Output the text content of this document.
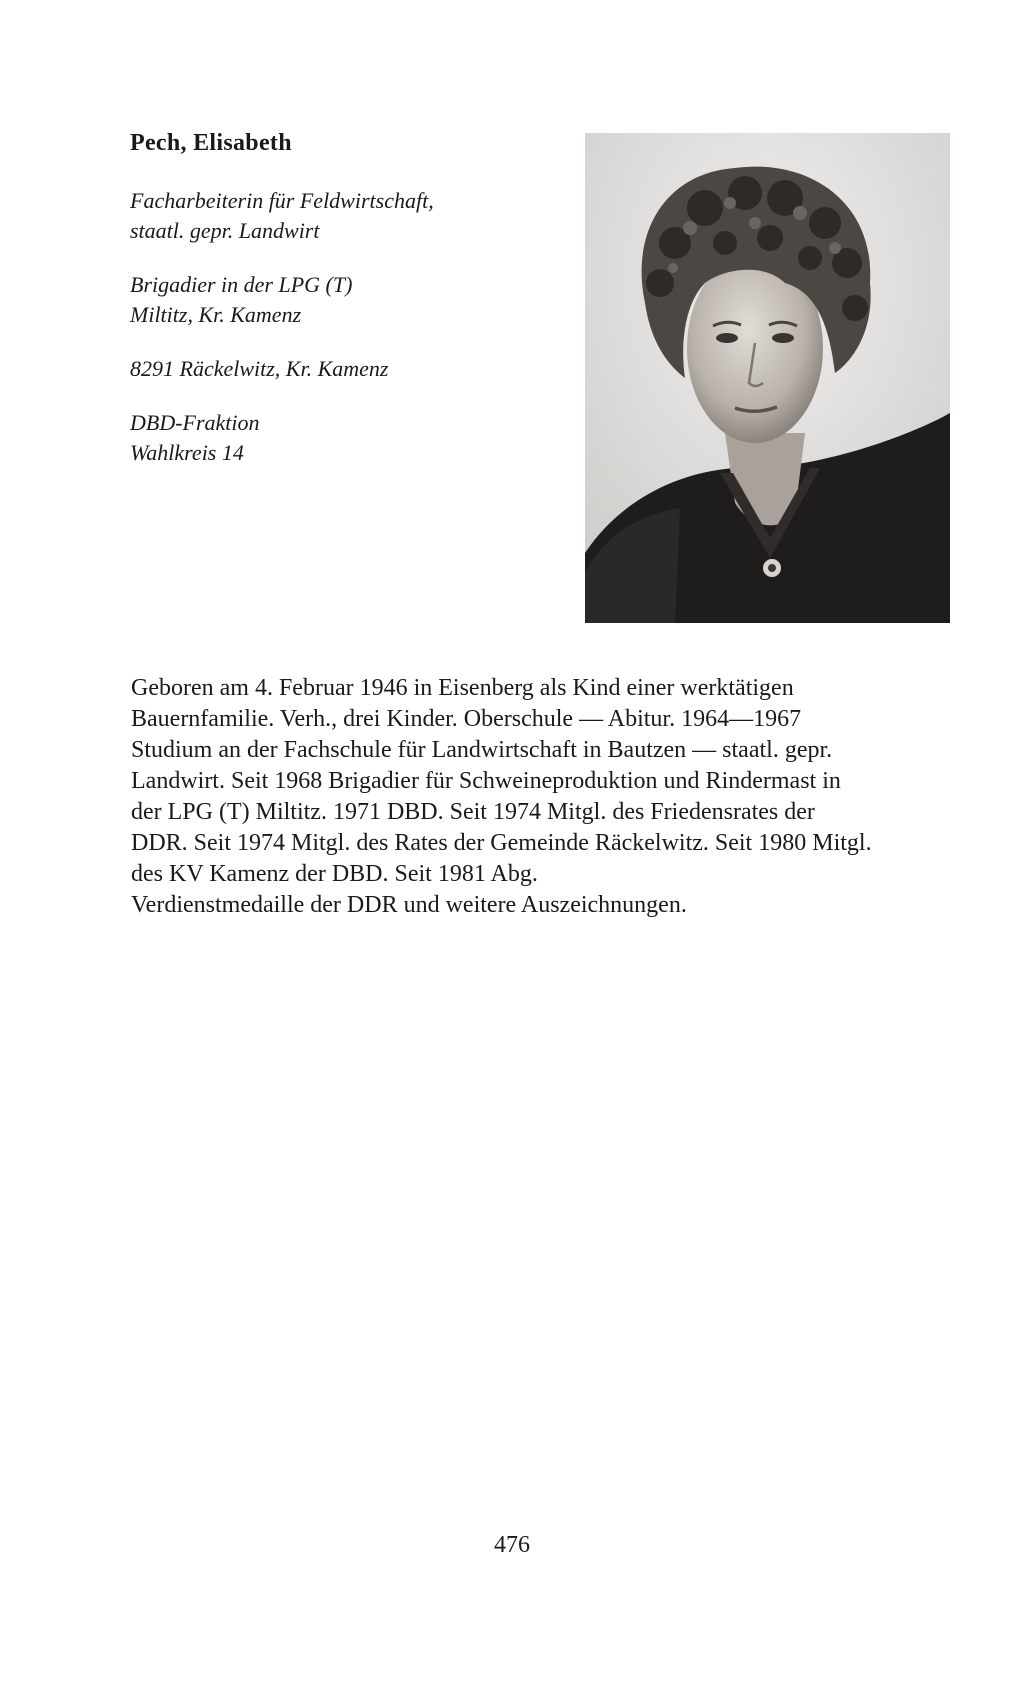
Pech, Elisabeth

Facharbeiterin für Feldwirtschaft,
staatl. gepr. Landwirt

Brigadier in der LPG (T)
Miltitz, Kr. Kamenz

8291 Räckelwitz, Kr. Kamenz

DBD-Fraktion
Wahlkreis 14

Geboren am 4. Februar 1946 in Eisenberg als Kind einer werktätigen
Bauernfamilie. Verh., drei Kinder. Oberschule — Abitur. 1964—1967
Studium an der Fachschule für Landwirtschaft in Bautzen — staatl. gepr.
Landwirt. Seit 1968 Brigadier für Schweineproduktion und Rindermast in
der LPG (T) Miltitz. 1971 DBD. Seit 1974 Mitgl. des Friedensrates der
DDR. Seit 1974 Mitgl. des Rates der Gemeinde Räckelwitz. Seit 1980 Mitgl.
des KV Kamenz der DBD. Seit 1981 Abg.

Verdienstmedaille der DDR und weitere Auszeichnungen.

476
